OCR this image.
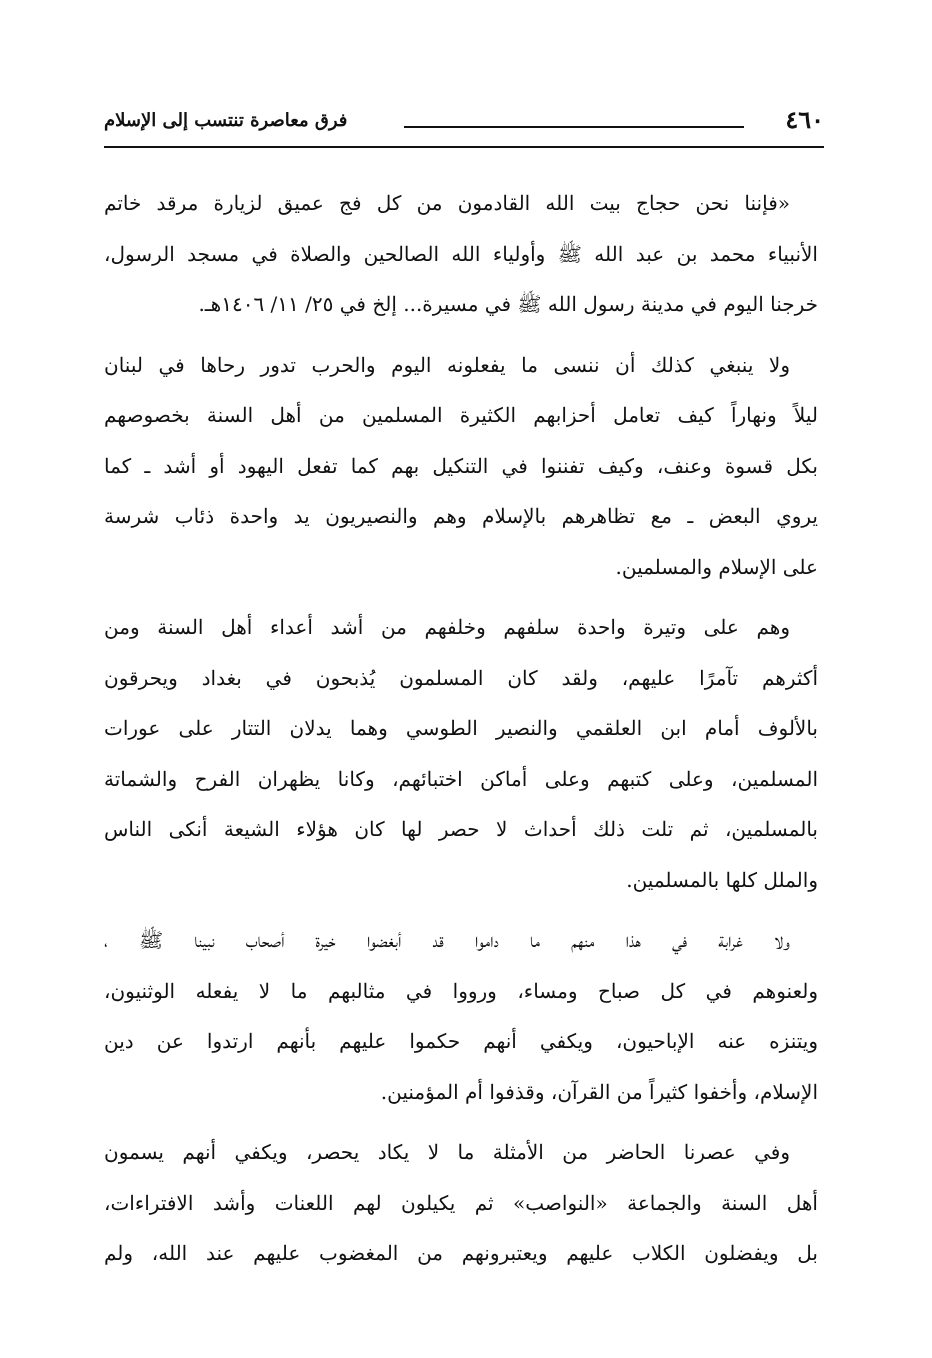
٤٦٠
فرق معاصرة تنتسب إلى الإسلام
«فإننا نحن حجاج بيت الله القادمون من كل فج عميق لزيارة مرقد خاتم
الأنبياء محمد بن عبد الله ﷺ وأولياء الله الصالحين والصلاة في مسجد الرسول،
خرجنا اليوم في مدينة رسول الله ﷺ في مسيرة... إلخ في ٢٥/ ١١/ ١٤٠٦هـ.
ولا ينبغي كذلك أن ننسى ما يفعلونه اليوم والحرب تدور رحاها في لبنان
ليلاً ونهاراً كيف تعامل أحزابهم الكثيرة المسلمين من أهل السنة بخصوصهم
بكل قسوة وعنف، وكيف تفننوا في التنكيل بهم كما تفعل اليهود أو أشد ـ كما
يروي البعض ـ مع تظاهرهم بالإسلام وهم والنصيريون يد واحدة ذئاب شرسة
على الإسلام والمسلمين.
وهم على وتيرة واحدة سلفهم وخلفهم من أشد أعداء أهل السنة ومن
أكثرهم تآمرًا عليهم، ولقد كان المسلمون يُذبحون في بغداد ويحرقون
بالألوف أمام ابن العلقمي والنصير الطوسي وهما يدلان التتار على عورات
المسلمين، وعلى كتبهم وعلى أماكن اختبائهم، وكانا يظهران الفرح والشماتة
بالمسلمين، ثم تلت ذلك أحداث لا حصر لها كان هؤلاء الشيعة أنكى الناس
والملل كلها بالمسلمين.
ولا غرابة في هذا منهم ما داموا قد أبغضوا خيرة أصحاب نبينا ﷺ ،
ولعنوهم في كل صباح ومساء، ورووا في مثالبهم ما لا يفعله الوثنيون،
ويتنزه عنه الإباحيون، ويكفي أنهم حكموا عليهم بأنهم ارتدوا عن دين
الإسلام، وأخفوا كثيراً من القرآن، وقذفوا أم المؤمنين.
وفي عصرنا الحاضر من الأمثلة ما لا يكاد يحصر، ويكفي أنهم يسمون
أهل السنة والجماعة «النواصب» ثم يكيلون لهم اللعنات وأشد الافتراءات،
بل ويفضلون الكلاب عليهم ويعتبرونهم من المغضوب عليهم عند الله، ولم
